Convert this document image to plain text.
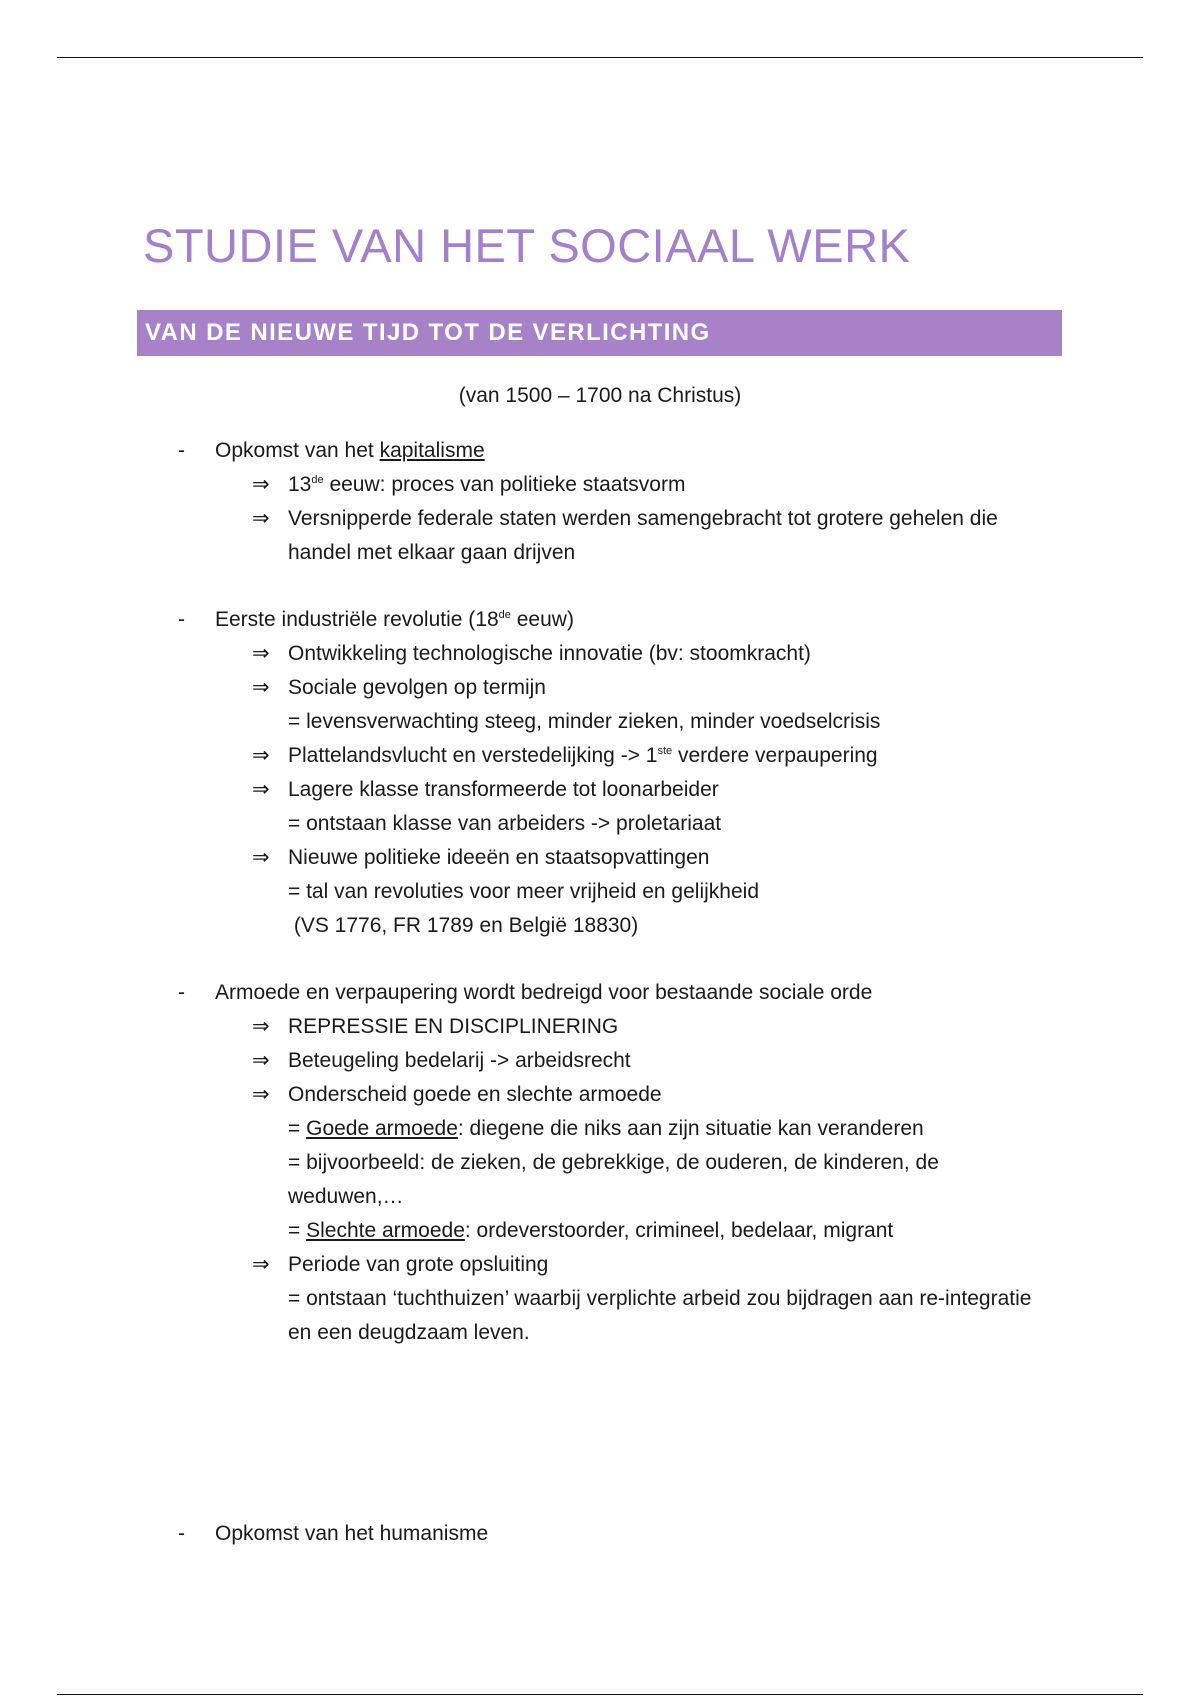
STUDIE VAN HET SOCIAAL WERK
VAN DE NIEUWE TIJD TOT DE VERLICHTING
(van 1500 – 1700 na Christus)
- Opkomst van het kapitalisme
⇒ 13de eeuw: proces van politieke staatsvorm
⇒ Versnipperde federale staten werden samengebracht tot grotere gehelen die handel met elkaar gaan drijven
- Eerste industriële revolutie (18de eeuw)
⇒ Ontwikkeling technologische innovatie (bv: stoomkracht)
⇒ Sociale gevolgen op termijn
= levensverwachting steeg, minder zieken, minder voedselcrisis
⇒ Plattelandsvlucht en verstedelijking -> 1ste verdere verpaupering
⇒ Lagere klasse transformeerde tot loonarbeider
= ontstaan klasse van arbeiders -> proletariaat
⇒ Nieuwe politieke ideeën en staatsopvattingen
= tal van revoluties voor meer vrijheid en gelijkheid
(VS 1776, FR 1789 en België 18830)
- Armoede en verpaupering wordt bedreigd voor bestaande sociale orde
⇒ REPRESSIE EN DISCIPLINERING
⇒ Beteugeling bedelarij -> arbeidsrecht
⇒ Onderscheid goede en slechte armoede
= Goede armoede: diegene die niks aan zijn situatie kan veranderen
= bijvoorbeeld: de zieken, de gebrekkige, de ouderen, de kinderen, de weduwen,…
= Slechte armoede: ordeverstoorder, crimineel, bedelaar, migrant
⇒ Periode van grote opsluiting
= ontstaan ‘tuchthuizen’ waarbij verplichte arbeid zou bijdragen aan re-integratie en een deugdzaam leven.
- Opkomst van het humanisme
